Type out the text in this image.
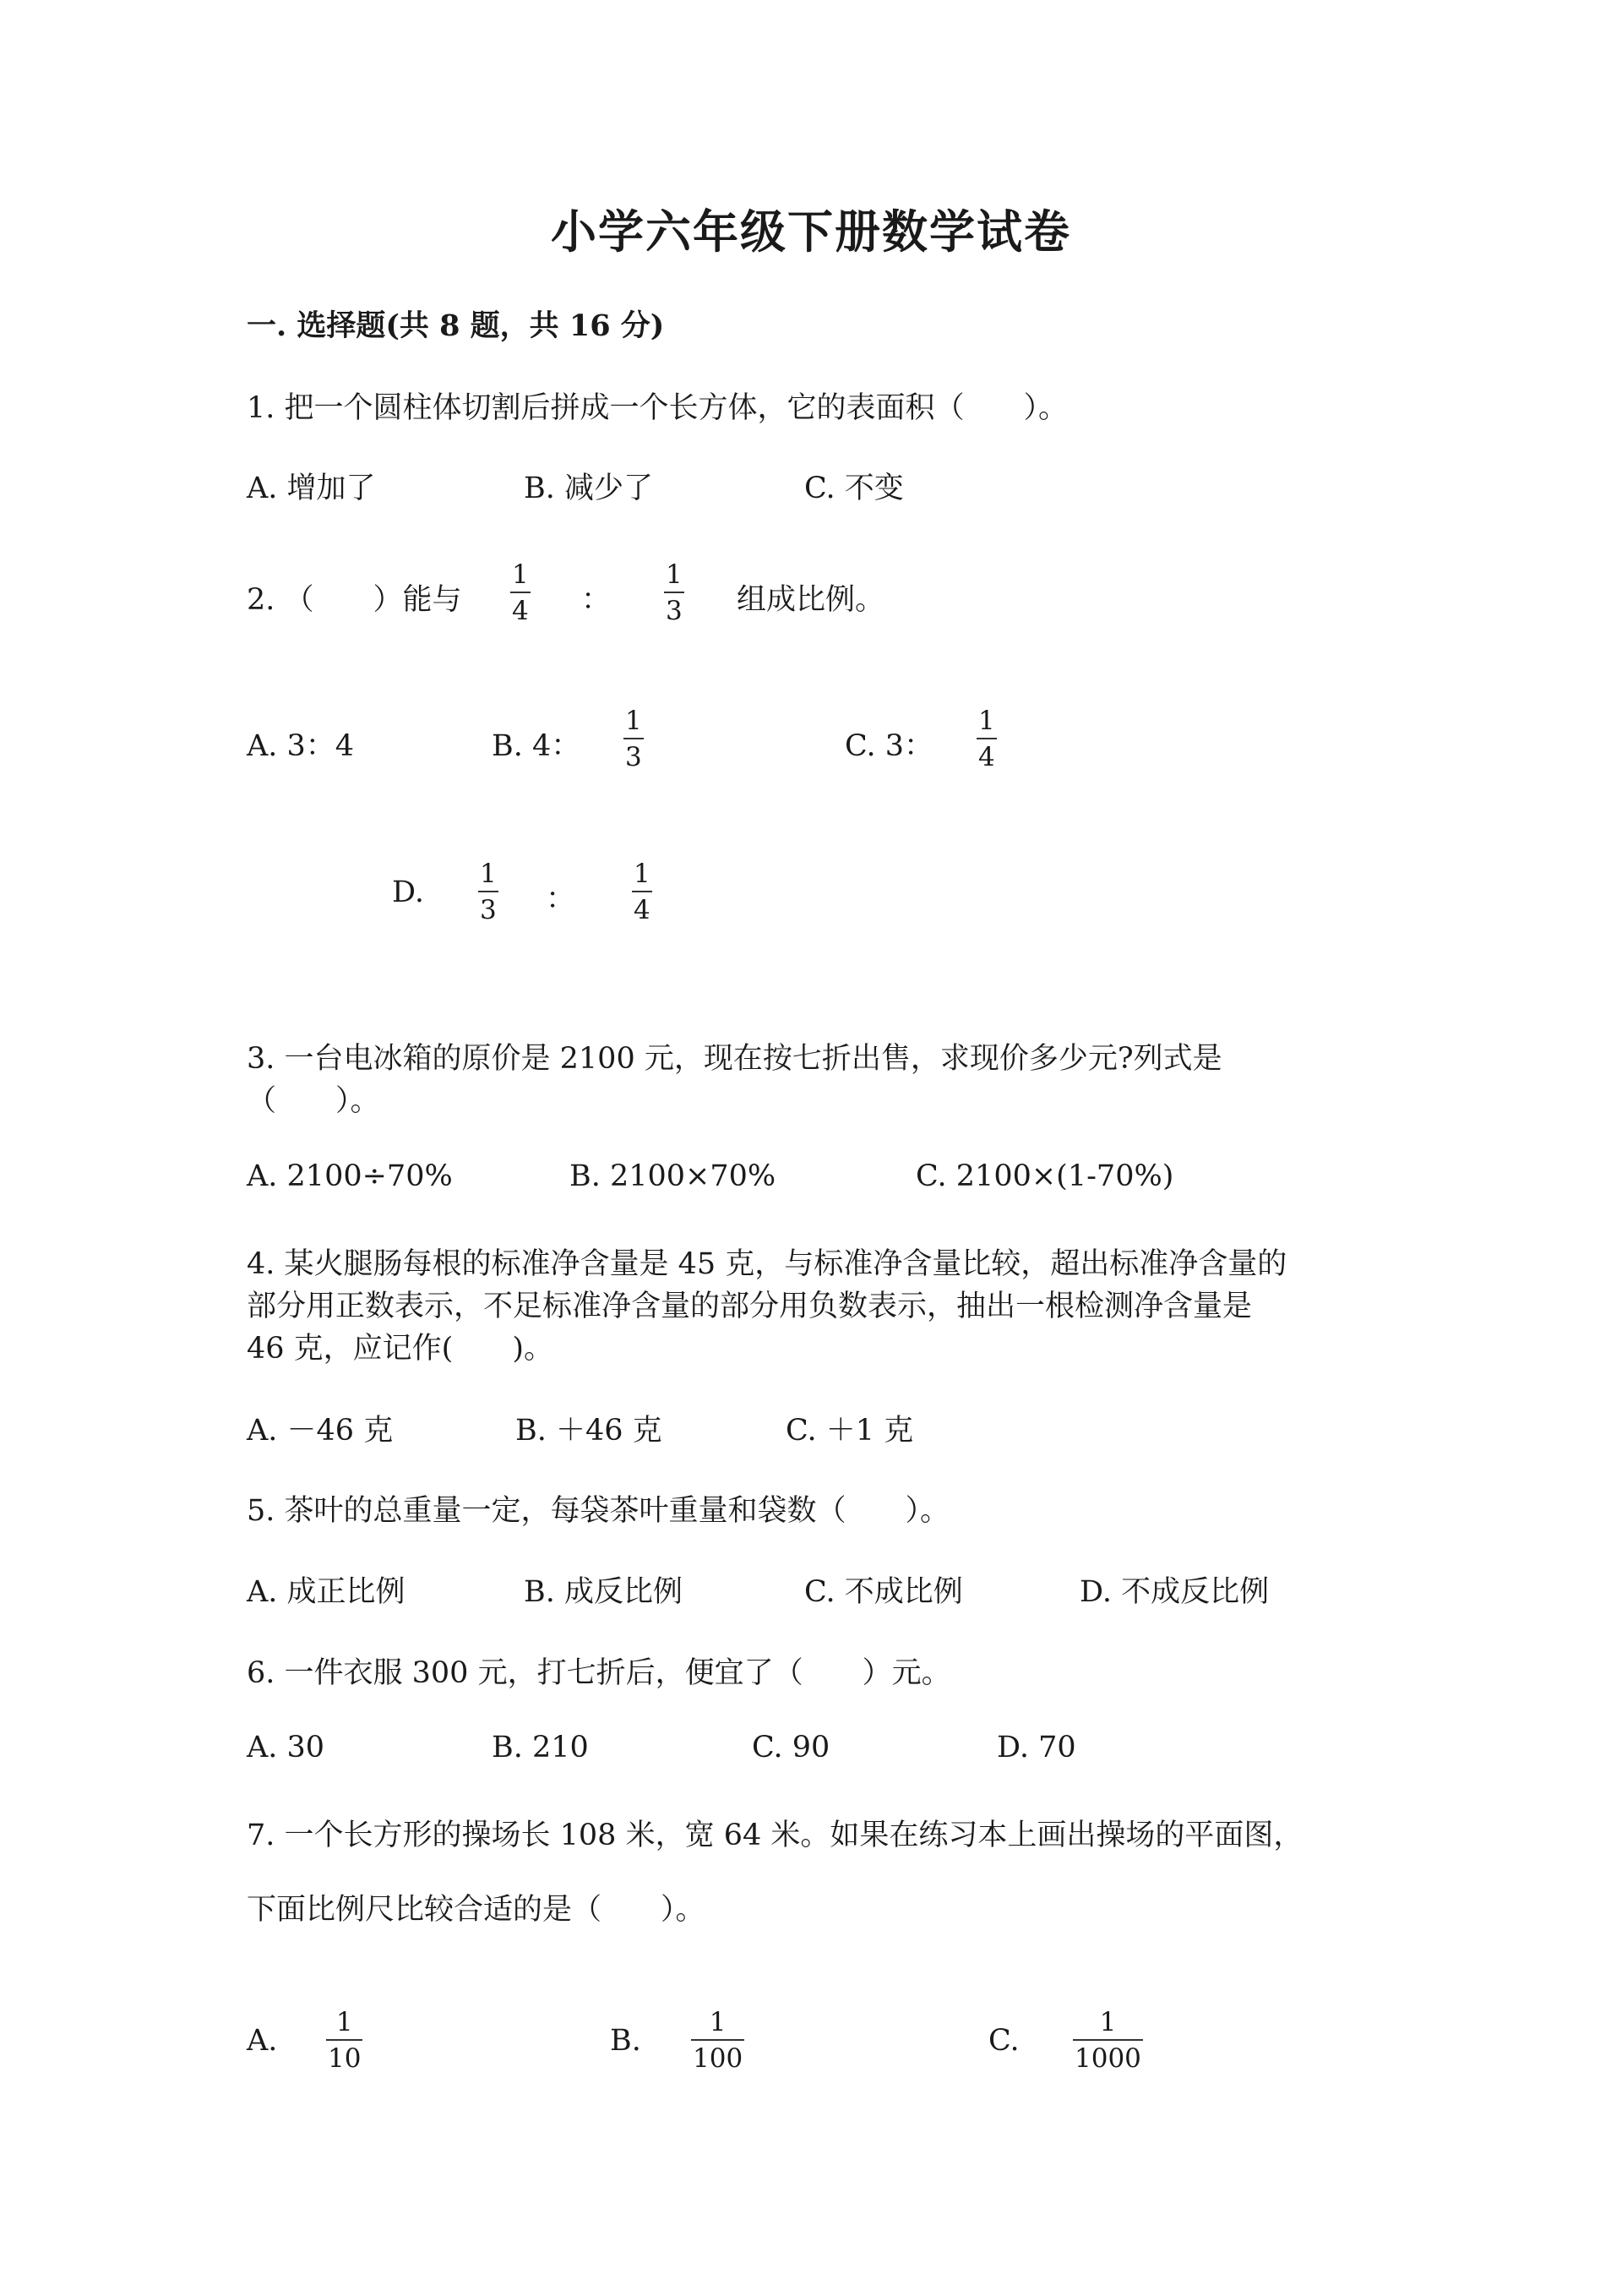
小学六年级下册数学试卷
一. 选择题(共 8 题，共 16 分)
1. 把一个圆柱体切割后拼成一个长方体，它的表面积（　　）。
A. 增加了	B. 减少了	C. 不变
2. （　　）能与
1
4 ：
1
3 组成比例。
A. 3：4	B. 4：
1
3	C. 3：
1
4
D.
1
3 ：
1
4
3. 一台电冰箱的原价是 2100 元，现在按七折出售，求现价多少元?列式是
（　　）。
A. 2100÷70%	B. 2100×70%	C. 2100×(1-70%)
4. 某火腿肠每根的标准净含量是 45 克，与标准净含量比较，超出标准净含量的
部分用正数表示，不足标准净含量的部分用负数表示，抽出一根检测净含量是
46 克，应记作(　　)。
A. －46 克	B. ＋46 克	C. ＋1 克
5. 茶叶的总重量一定，每袋茶叶重量和袋数（　　）。
A. 成正比例	B. 成反比例	C. 不成比例	D. 不成反比例
6. 一件衣服 300 元，打七折后，便宜了（　　）元。
A. 30	B. 210	C. 90	D. 70
7. 一个长方形的操场长 108 米，宽 64 米。如果在练习本上画出操场的平面图，
下面比例尺比较合适的是（　　）。
A.
1
10
B.
1
100
C.
1
1000
